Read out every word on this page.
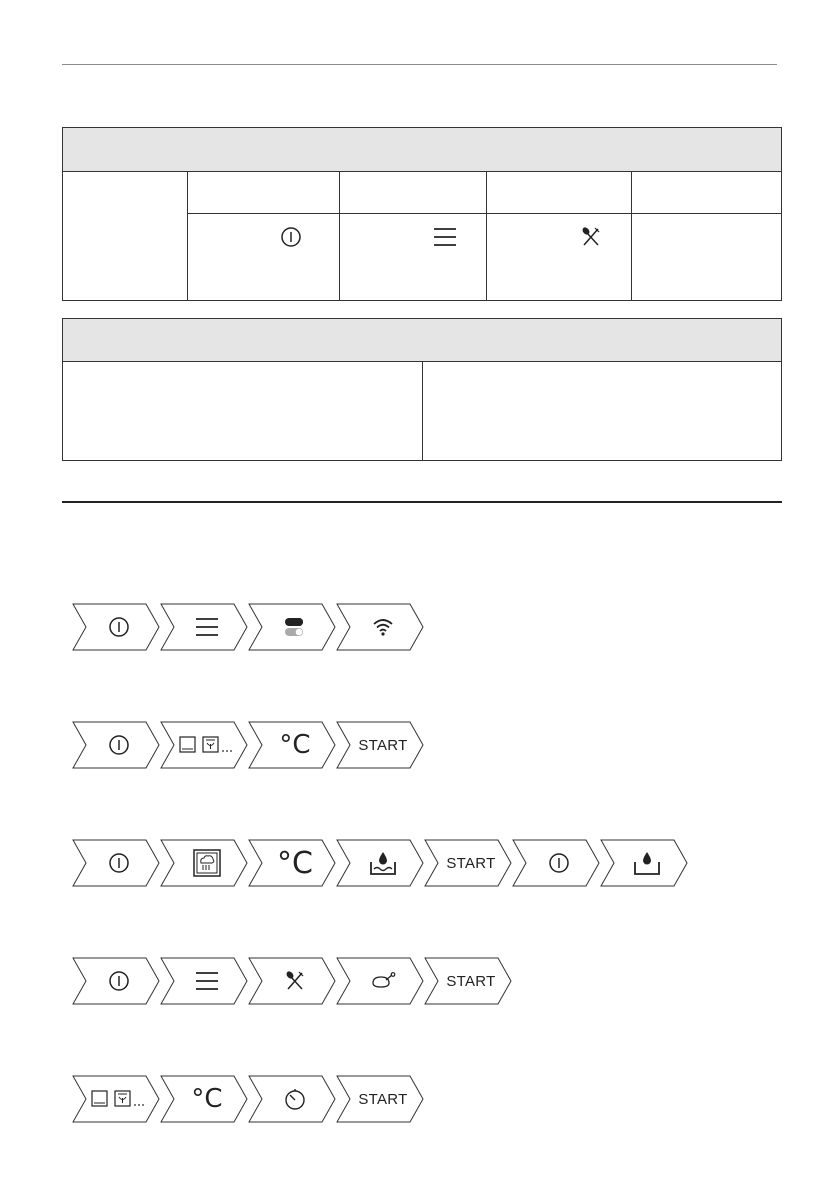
°C	START
°C	START
START
°C	START
